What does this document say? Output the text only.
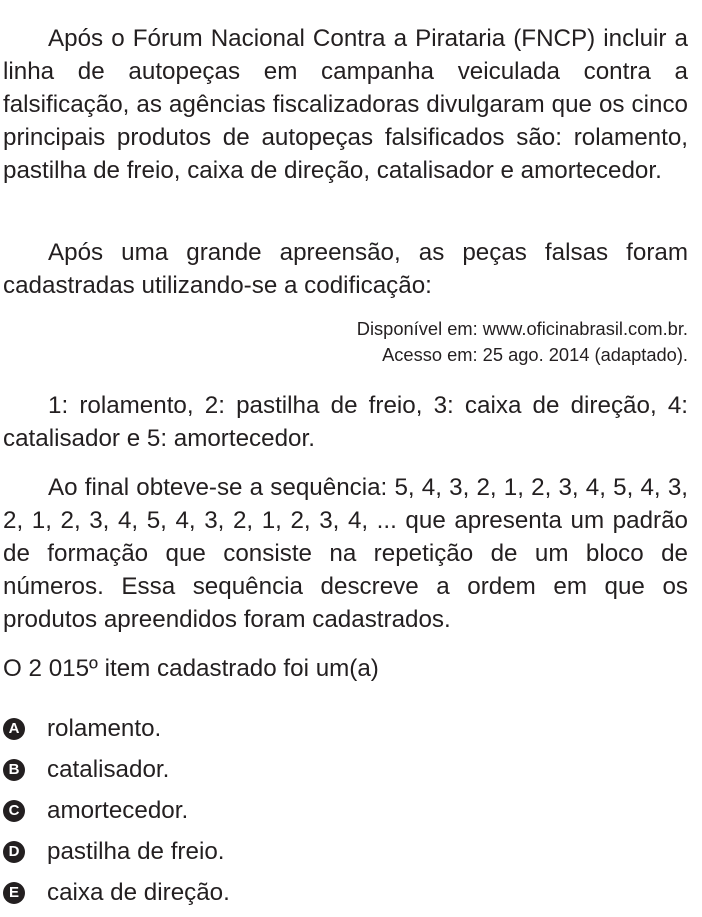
Após o Fórum Nacional Contra a Pirataria (FNCP) incluir a linha de autopeças em campanha veiculada contra a falsificação, as agências fiscalizadoras divulgaram que os cinco principais produtos de autopeças falsificados são: rolamento, pastilha de freio, caixa de direção, catalisador e amortecedor.

Após uma grande apreensão, as peças falsas foram cadastradas utilizando-se a codificação:

Disponível em: www.oficinabrasil.com.br.
Acesso em: 25 ago. 2014 (adaptado).

1: rolamento, 2: pastilha de freio, 3: caixa de direção, 4: catalisador e 5: amortecedor.

Ao final obteve-se a sequência: 5, 4, 3, 2, 1, 2, 3, 4, 5, 4, 3, 2, 1, 2, 3, 4, 5, 4, 3, 2, 1, 2, 3, 4, ... que apresenta um padrão de formação que consiste na repetição de um bloco de números. Essa sequência descreve a ordem em que os produtos apreendidos foram cadastrados.

O 2 015º item cadastrado foi um(a)

A rolamento.
B catalisador.
C amortecedor.
D pastilha de freio.
E caixa de direção.
